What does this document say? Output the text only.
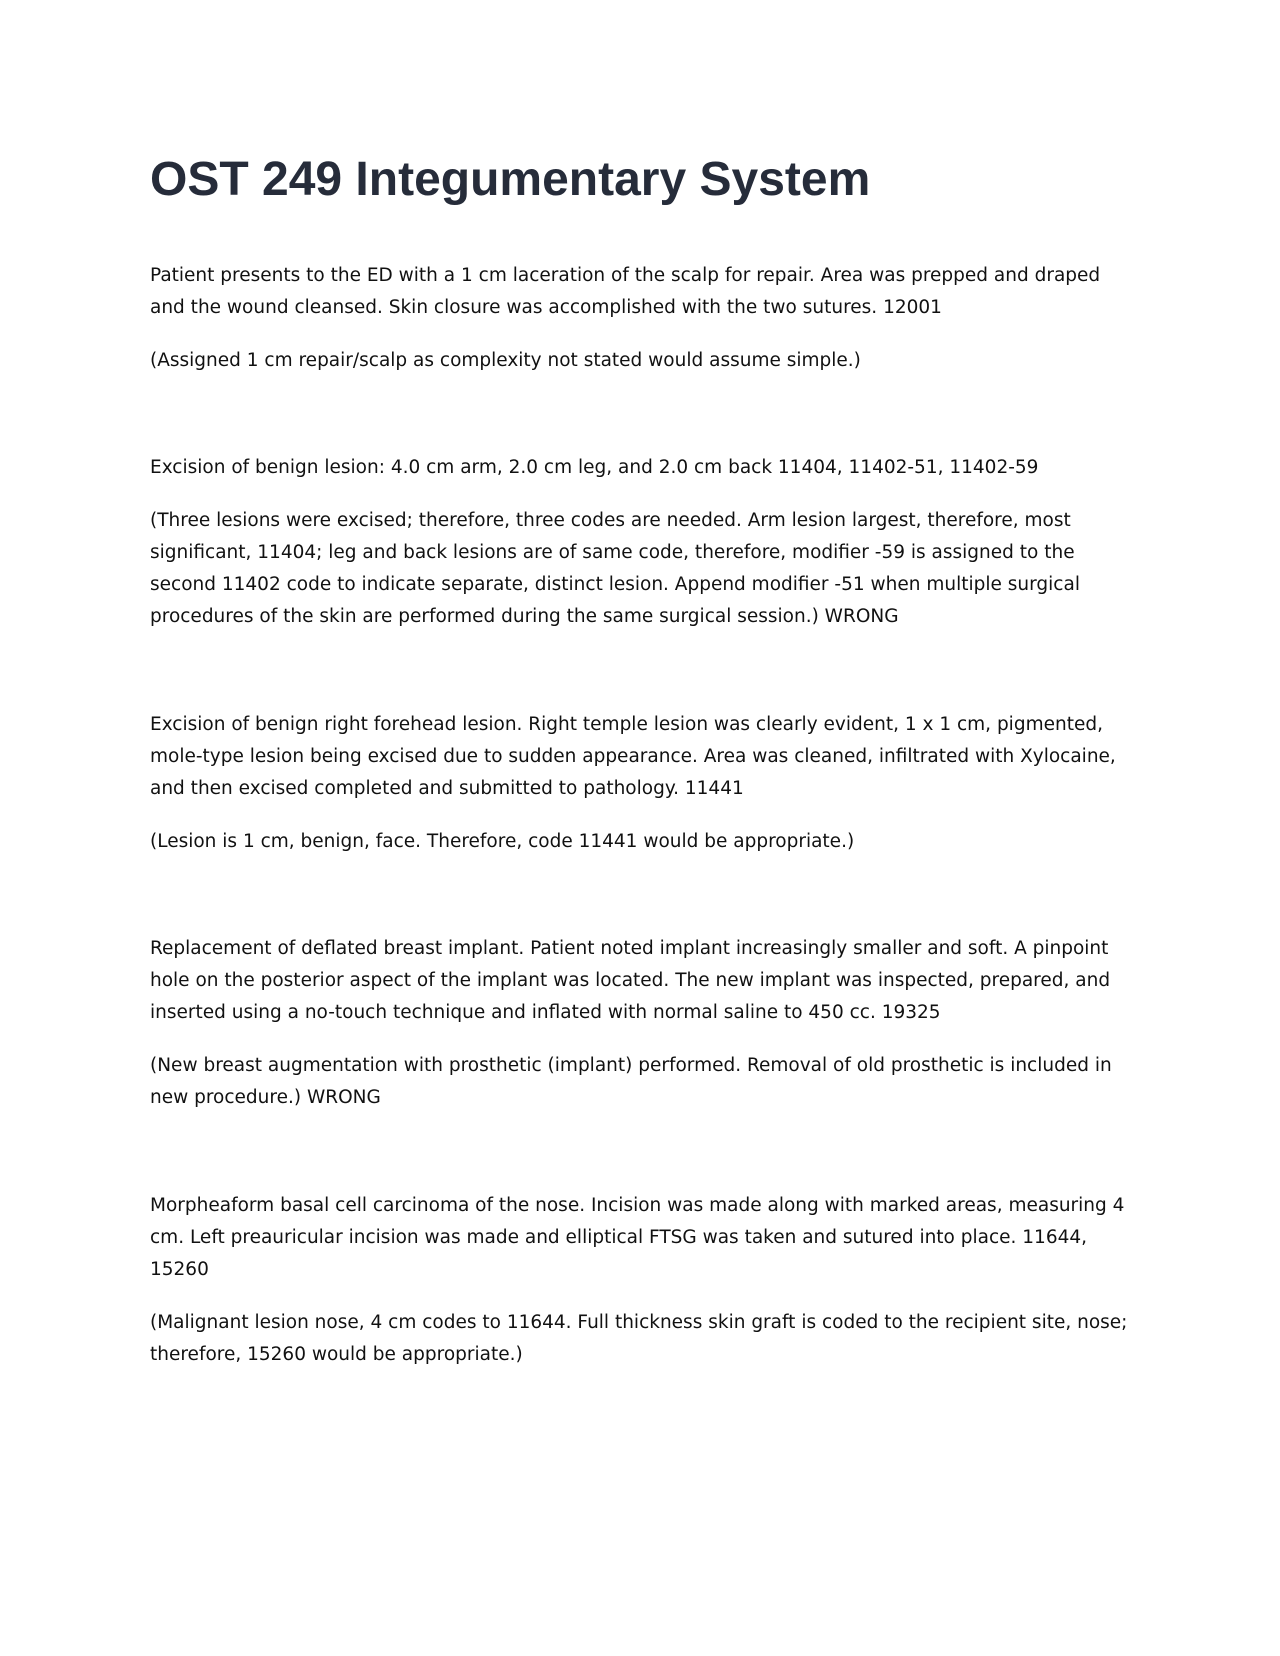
OST 249 Integumentary System

Patient presents to the ED with a 1 cm laceration of the scalp for repair. Area was prepped and draped and the wound cleansed. Skin closure was accomplished with the two sutures. 12001

(Assigned 1 cm repair/scalp as complexity not stated would assume simple.)

Excision of benign lesion: 4.0 cm arm, 2.0 cm leg, and 2.0 cm back 11404, 11402-51, 11402-59

(Three lesions were excised; therefore, three codes are needed. Arm lesion largest, therefore, most significant, 11404; leg and back lesions are of same code, therefore, modifier -59 is assigned to the second 11402 code to indicate separate, distinct lesion. Append modifier -51 when multiple surgical procedures of the skin are performed during the same surgical session.) WRONG

Excision of benign right forehead lesion. Right temple lesion was clearly evident, 1 x 1 cm, pigmented, mole-type lesion being excised due to sudden appearance. Area was cleaned, infiltrated with Xylocaine, and then excised completed and submitted to pathology. 11441

(Lesion is 1 cm, benign, face. Therefore, code 11441 would be appropriate.)

Replacement of deflated breast implant. Patient noted implant increasingly smaller and soft. A pinpoint hole on the posterior aspect of the implant was located. The new implant was inspected, prepared, and inserted using a no-touch technique and inflated with normal saline to 450 cc. 19325

(New breast augmentation with prosthetic (implant) performed. Removal of old prosthetic is included in new procedure.) WRONG

Morpheaform basal cell carcinoma of the nose. Incision was made along with marked areas, measuring 4 cm. Left preauricular incision was made and elliptical FTSG was taken and sutured into place. 11644, 15260

(Malignant lesion nose, 4 cm codes to 11644. Full thickness skin graft is coded to the recipient site, nose; therefore, 15260 would be appropriate.)
